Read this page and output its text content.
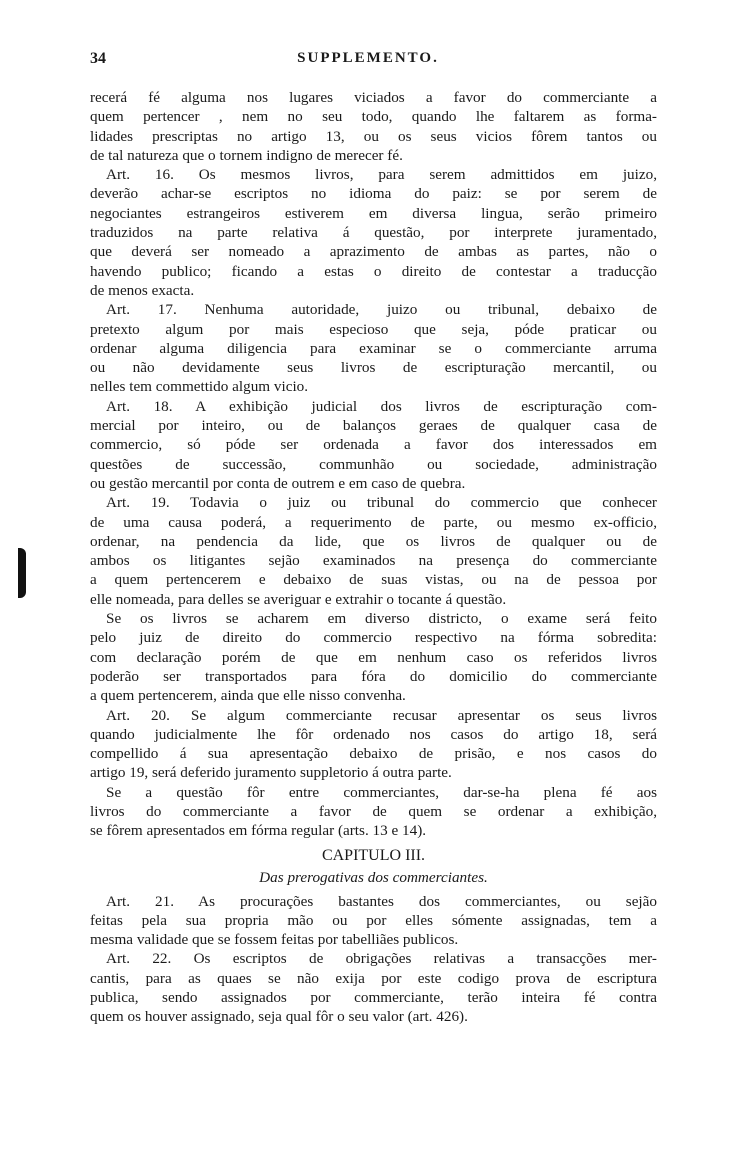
34	SUPPLEMENTO.
recerá fé alguma nos lugares viciados a favor do commerciante a
quem pertencer , nem no seu todo, quando lhe faltarem as forma-
lidades prescriptas no artigo 13, ou os seus vicios fôrem tantos ou
de tal natureza que o tornem indigno de merecer fé.
Art. 16. Os mesmos livros, para serem admittidos em juizo,
deverão achar-se escriptos no idioma do paiz: se por serem de
negociantes estrangeiros estiverem em diversa lingua, serão primeiro
traduzidos na parte relativa á questão, por interprete juramentado,
que deverá ser nomeado a aprazimento de ambas as partes, não o
havendo publico; ficando a estas o direito de contestar a traducção
de menos exacta.
Art. 17. Nenhuma autoridade, juizo ou tribunal, debaixo de
pretexto algum por mais especioso que seja, póde praticar ou
ordenar alguma diligencia para examinar se o commerciante arruma
ou não devidamente seus livros de escripturação mercantil, ou
nelles tem commettido algum vicio.
Art. 18. A exhibição judicial dos livros de escripturação com-
mercial por inteiro, ou de balanços geraes de qualquer casa de
commercio, só póde ser ordenada a favor dos interessados em
questões de successão, communhão ou sociedade, administração
ou gestão mercantil por conta de outrem e em caso de quebra.
Art. 19. Todavia o juiz ou tribunal do commercio que conhecer
de uma causa poderá, a requerimento de parte, ou mesmo ex-officio,
ordenar, na pendencia da lide, que os livros de qualquer ou de
ambos os litigantes sejão examinados na presença do commerciante
a quem pertencerem e debaixo de suas vistas, ou na de pessoa por
elle nomeada, para delles se averiguar e extrahir o tocante á questão.
Se os livros se acharem em diverso districto, o exame será feito
pelo juiz de direito do commercio respectivo na fórma sobredita:
com declaração porém de que em nenhum caso os referidos livros
poderão ser transportados para fóra do domicilio do commerciante
a quem pertencerem, ainda que elle nisso convenha.
Art. 20. Se algum commerciante recusar apresentar os seus livros
quando judicialmente lhe fôr ordenado nos casos do artigo 18, será
compellido á sua apresentação debaixo de prisão, e nos casos do
artigo 19, será deferido juramento suppletorio á outra parte.
Se a questão fôr entre commerciantes, dar-se-ha plena fé aos
livros do commerciante a favor de quem se ordenar a exhibição,
se fôrem apresentados em fórma regular (arts. 13 e 14).
CAPITULO III.
Das prerogativas dos commerciantes.
Art. 21. As procurações bastantes dos commerciantes, ou sejão
feitas pela sua propria mão ou por elles sómente assignadas, tem a
mesma validade que se fossem feitas por tabelliães publicos.
Art. 22. Os escriptos de obrigações relativas a transacções mer-
cantis, para as quaes se não exija por este codigo prova de escriptura
publica, sendo assignados por commerciante, terão inteira fé contra
quem os houver assignado, seja qual fôr o seu valor (art. 426).
